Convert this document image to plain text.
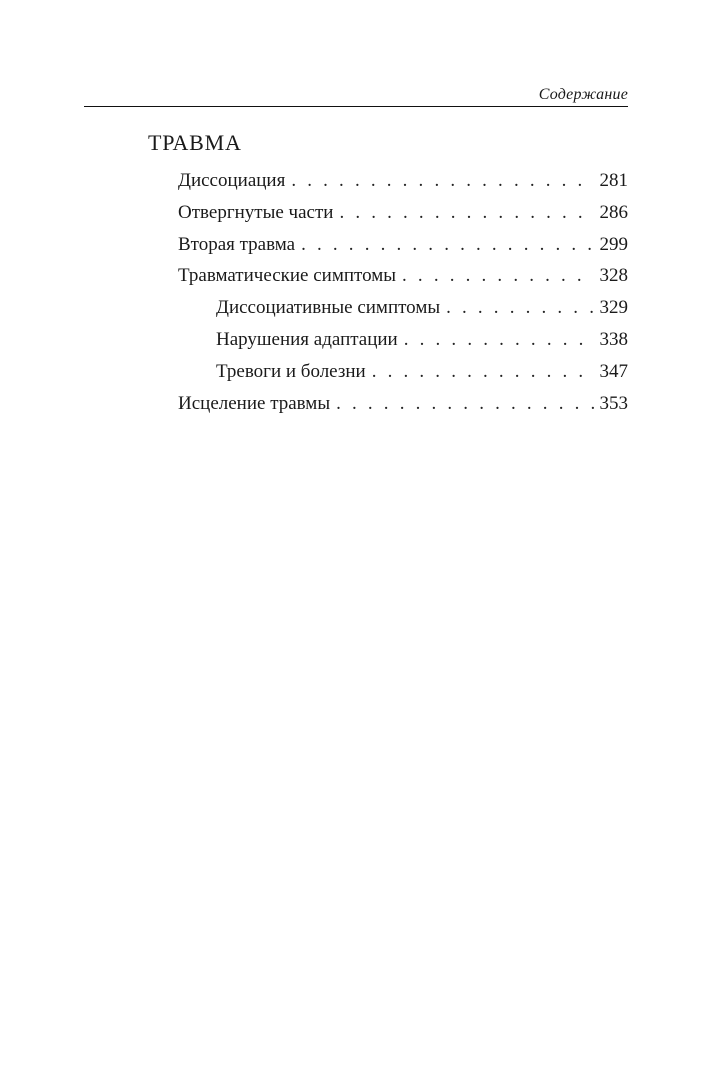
Содержание
ТРАВМА
Диссоциация . . .	281
Отвергнутые части . . .	286
Вторая травма . . .	299
Травматические симптомы . . .	328
Диссоциативные симптомы . . .	329
Нарушения адаптации . . .	338
Тревоги и болезни . . .	347
Исцеление травмы . . .	353
